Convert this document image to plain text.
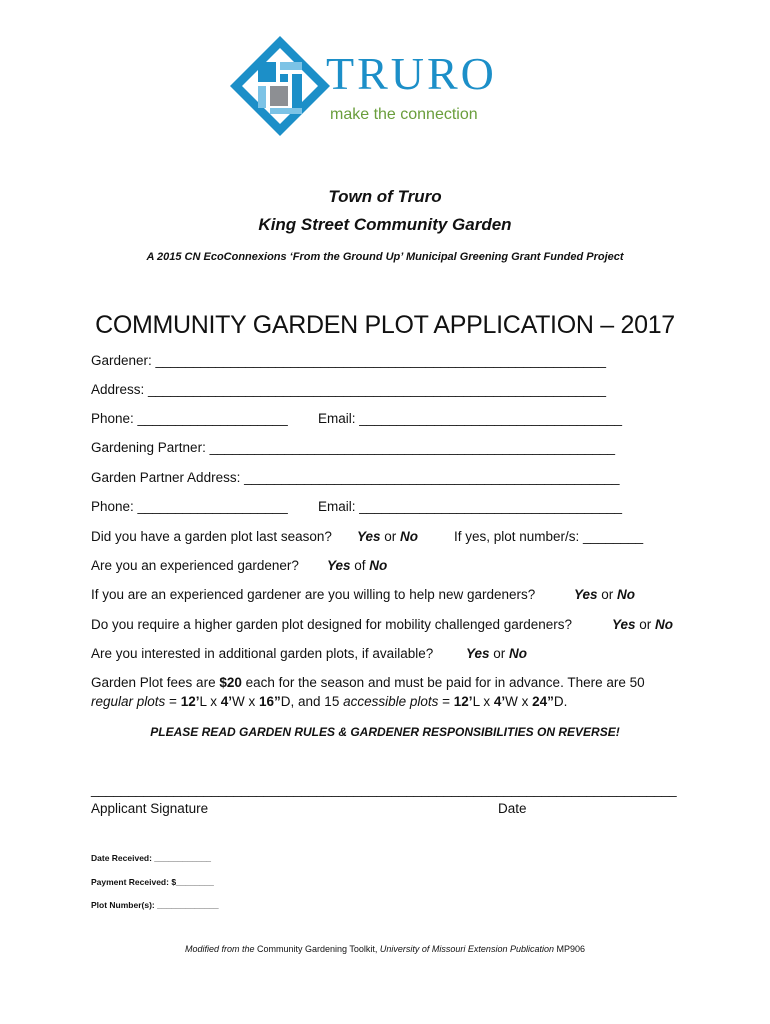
TRURO
make the connection
Town of Truro
King Street Community Garden
A 2015 CN EcoConnexions ‘From the Ground Up’ Municipal Greening Grant Funded Project
COMMUNITY GARDEN PLOT APPLICATION – 2017
Gardener: ____________________________________________________________
Address: _____________________________________________________________
Phone: ____________________ Email: ___________________________________
Gardening Partner: ______________________________________________________
Garden Partner Address: __________________________________________________
Phone: ____________________ Email: ___________________________________
Did you have a garden plot last season? Yes or No	If yes, plot number/s: ________
Are you an experienced gardener? Yes of No
If you are an experienced gardener are you willing to help new gardeners?	Yes or No
Do you require a higher garden plot designed for mobility challenged gardeners?	Yes or No
Are you interested in additional garden plots, if available? Yes or No
Garden Plot fees are $20 each for the season and must be paid for in advance. There are 50
regular plots = 12’L x 4’W x 16”D, and 15 accessible plots = 12’L x 4’W x 24”D.
PLEASE READ GARDEN RULES & GARDENER RESPONSIBILITIES ON REVERSE!
______________________________________________________________________________
Applicant Signature	Date
Date Received: ____________
Payment Received: $________
Plot Number(s): _____________
Modified from the Community Gardening Toolkit, University of Missouri Extension Publication MP906
